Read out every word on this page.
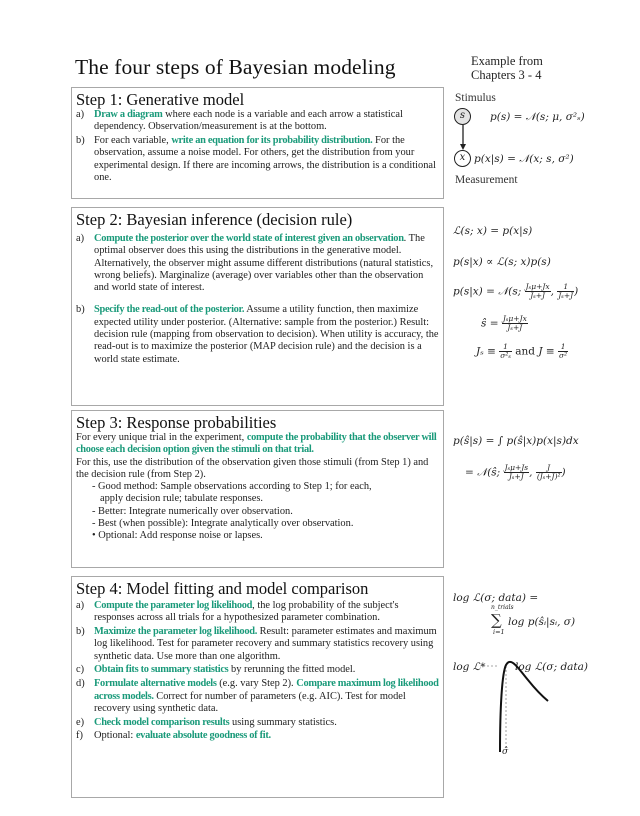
The four steps of Bayesian modeling	Example from
Chapters 3 - 4
Step 1: Generative model
a) Draw a diagram where each node is a variable and each arrow a statistical dependency. Observation/measurement is at the bottom.
b) For each variable, write an equation for its probability distribution. For the observation, assume a noise model. For others, get the distribution from your experimental design. If there are incoming arrows, the distribution is a conditional one.
Stimulus
s
x
p(s) = 𝒩(s; μ, σ²ₛ)
p(x|s) = 𝒩(x; s, σ²)
Measurement
Step 2: Bayesian inference (decision rule)
a) Compute the posterior over the world state of interest given an observation. The optimal observer does this using the distributions in the generative model. Alternatively, the observer might assume different distributions (natural statistics, wrong beliefs). Marginalize (average) over variables other than the observation and world state of interest.
b) Specify the read-out of the posterior. Assume a utility function, then maximize expected utility under posterior. (Alternative: sample from the posterior.) Result: decision rule (mapping from observation to decision). When utility is accuracy, the read-out is to maximize the posterior (MAP decision rule) and the decision is a world state estimate.
ℒ(s; x) = p(x|s)
p(s|x) ∝ ℒ(s; x)p(s)
p(s|x) = 𝒩(s; $\frac{\text{Jₛμ+Jx}}{\text{Jₛ+J}}$ , $\frac{1}{\text{Jₛ+J}}$ )
ŝ = $\frac{\text{Jₛμ+Jx}}{\text{Jₛ+J}}$
$J_s \equiv \frac{1}{\text{σ²ₛ}}$ and $J \equiv \frac{1}{\text{σ²}}$
Step 3: Response probabilities
For every unique trial in the experiment, compute the probability that the observer will choose each decision option given the stimuli on that trial.
For this, use the distribution of the observation given those stimuli (from Step 1) and the decision rule (from Step 2).
- Good method: Sample observations according to Step 1; for each,
apply decision rule; tabulate responses.
- Better: Integrate numerically over observation.
- Best (when possible): Integrate analytically over observation.
• Optional: Add response noise or lapses.
p(ŝ|s) = ∫ p(ŝ|x)p(x|s)dx
= 𝒩(ŝ; $\frac{\text{Jₛμ+Js}}{\text{Jₛ+J}}$ , $\frac{J}{\text{(Jₛ+J)²}}$ )
Step 4: Model fitting and model comparison
a) Compute the parameter log likelihood, the log probability of the subject's responses across all trials for a hypothesized parameter combination.
b) Maximize the parameter log likelihood. Result: parameter estimates and maximum log likelihood. Test for parameter recovery and summary statistics recovery using synthetic data. Use more than one algorithm.
c) Obtain fits to summary statistics by rerunning the fitted model.
d) Formulate alternative models (e.g. vary Step 2). Compare maximum log likelihood across models. Correct for number of parameters (e.g. AIC). Test for model recovery using synthetic data.
e) Check model comparison results using summary statistics.
f)	Optional: evaluate absolute goodness of fit.
log ℒ(σ; data) =
n_trials
∑
i=1
log p(ŝᵢ|sᵢ, σ)
log ℒ*	log ℒ(σ; data)
σ̂
